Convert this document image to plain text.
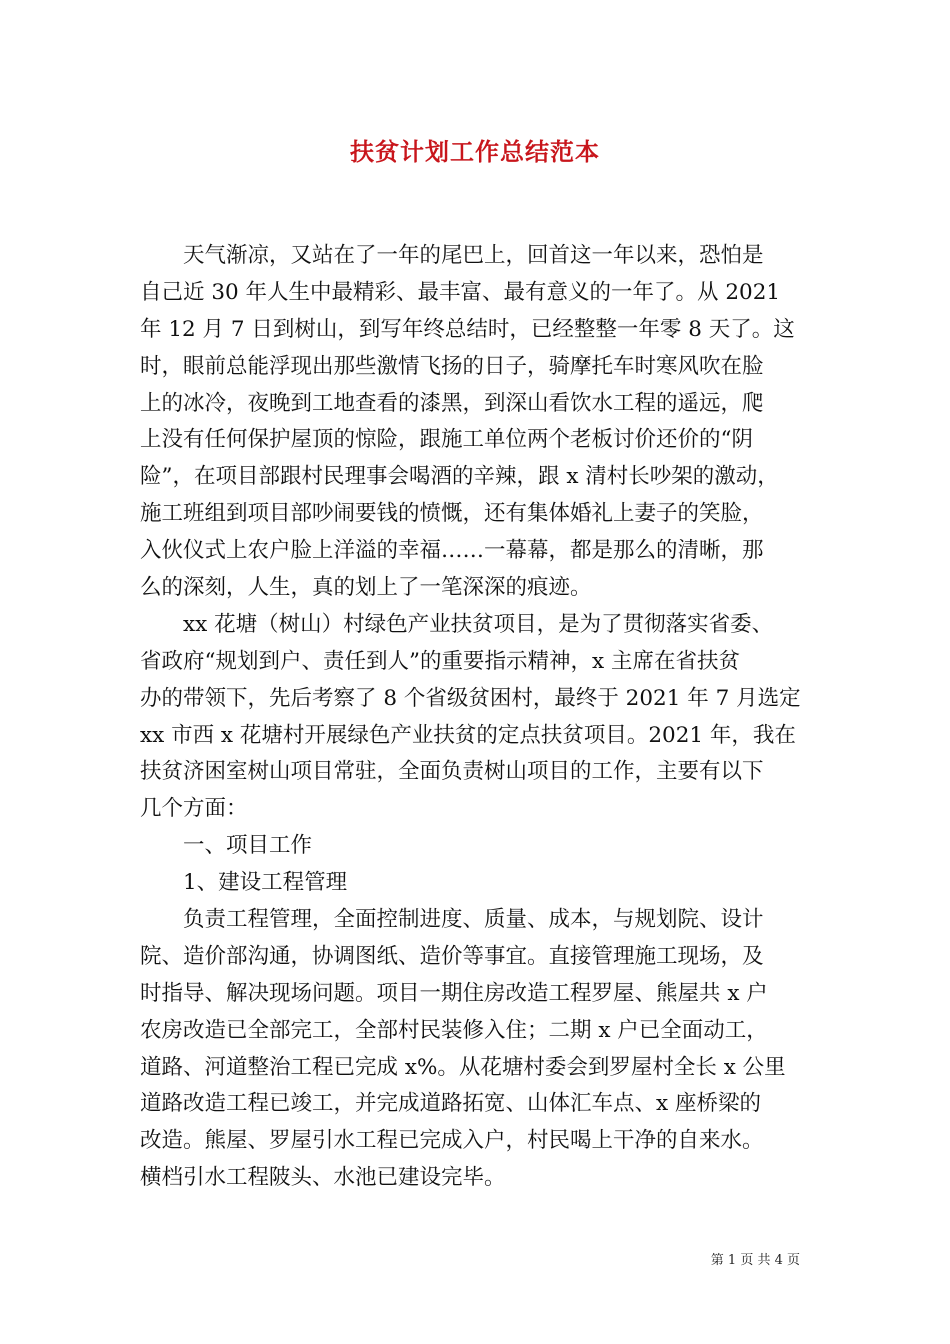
扶贫计划工作总结范本
　　天气渐凉，又站在了一年的尾巴上，回首这一年以来，恐怕是
自己近 30 年人生中最精彩、最丰富、最有意义的一年了。从 2021
年 12 月 7 日到树山，到写年终总结时，已经整整一年零 8 天了。这
时，眼前总能浮现出那些激情飞扬的日子，骑摩托车时寒风吹在脸
上的冰冷，夜晚到工地查看的漆黑，到深山看饮水工程的遥远，爬
上没有任何保护屋顶的惊险，跟施工单位两个老板讨价还价的“阴
险”，在项目部跟村民理事会喝酒的辛辣，跟 x 清村长吵架的激动，
施工班组到项目部吵闹要钱的愤慨，还有集体婚礼上妻子的笑脸，
入伙仪式上农户脸上洋溢的幸福……一幕幕，都是那么的清晰，那
么的深刻，人生，真的划上了一笔深深的痕迹。
　　xx 花塘（树山）村绿色产业扶贫项目，是为了贯彻落实省委、
省政府“规划到户、责任到人”的重要指示精神，x 主席在省扶贫
办的带领下，先后考察了 8 个省级贫困村，最终于 2021 年 7 月选定
xx 市西 x 花塘村开展绿色产业扶贫的定点扶贫项目。2021 年，我在
扶贫济困室树山项目常驻，全面负责树山项目的工作，主要有以下
几个方面：
　　一、项目工作
　　1、建设工程管理
　　负责工程管理，全面控制进度、质量、成本，与规划院、设计
院、造价部沟通，协调图纸、造价等事宜。直接管理施工现场，及
时指导、解决现场问题。项目一期住房改造工程罗屋、熊屋共 x 户
农房改造已全部完工，全部村民装修入住；二期 x 户已全面动工，
道路、河道整治工程已完成 x%。从花塘村委会到罗屋村全长 x 公里
道路改造工程已竣工，并完成道路拓宽、山体汇车点、x 座桥梁的
改造。熊屋、罗屋引水工程已完成入户，村民喝上干净的自来水。
横档引水工程陂头、水池已建设完毕。
第 1 页 共 4 页
